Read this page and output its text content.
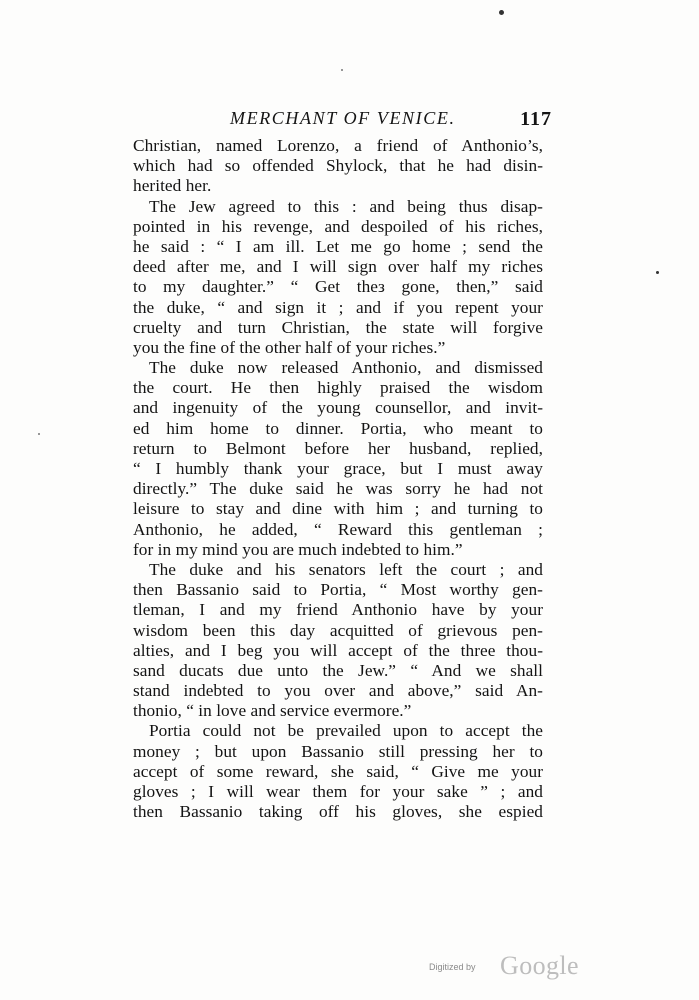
MERCHANT OF VENICE.	117
Christian, named Lorenzo, a friend of Anthonio’s,
which had so offended Shylock, that he had disin-
herited her.
The Jew agreed to this : and being thus disap-
pointed in his revenge, and despoiled of his riches,
he said : “ I am ill. Let me go home ; send the
deed after me, and I will sign over half my riches
to my daughter.” “ Get theз gone, then,” said
the duke, “ and sign it ; and if you repent your
cruelty and turn Christian, the state will forgive
you the fine of the other half of your riches.”
The duke now released Anthonio, and dismissed
the court. He then highly praised the wisdom
and ingenuity of the young counsellor, and invit-
ed him home to dinner. Portia, who meant to
return to Belmont before her husband, replied,
“ I humbly thank your grace, but I must away
directly.” The duke said he was sorry he had not
leisure to stay and dine with him ; and turning to
Anthonio, he added, “ Reward this gentleman ;
for in my mind you are much indebted to him.”
The duke and his senators left the court ; and
then Bassanio said to Portia, “ Most worthy gen-
tleman, I and my friend Anthonio have by your
wisdom been this day acquitted of grievous pen-
alties, and I beg you will accept of the three thou-
sand ducats due unto the Jew.” “ And we shall
stand indebted to you over and above,” said An-
thonio, “ in love and service evermore.”
Portia could not be prevailed upon to accept the
money ; but upon Bassanio still pressing her to
accept of some reward, she said, “ Give me your
gloves ; I will wear them for your sake ” ; and
then Bassanio taking off his gloves, she espied
Digitized by Google
